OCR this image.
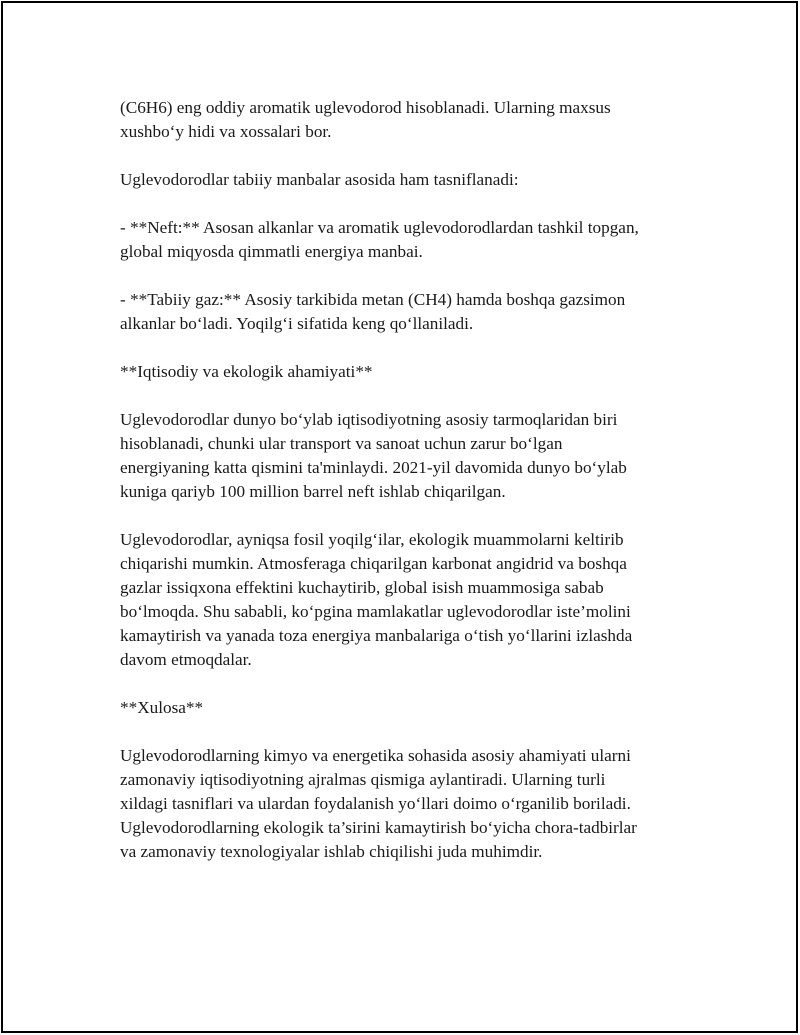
(C6H6) eng oddiy aromatik uglevodorod hisoblanadi. Ularning maxsus
xushbo‘y hidi va xossalari bor.

Uglevodorodlar tabiiy manbalar asosida ham tasniflanadi:

- **Neft:** Asosan alkanlar va aromatik uglevodorodlardan tashkil topgan,
global miqyosda qimmatli energiya manbai.

- **Tabiiy gaz:** Asosiy tarkibida metan (CH4) hamda boshqa gazsimon
alkanlar bo‘ladi. Yoqilg‘i sifatida keng qo‘llaniladi.

**Iqtisodiy va ekologik ahamiyati**

Uglevodorodlar dunyo bo‘ylab iqtisodiyotning asosiy tarmoqlaridan biri
hisoblanadi, chunki ular transport va sanoat uchun zarur bo‘lgan
energiyaning katta qismini ta'minlaydi. 2021-yil davomida dunyo bo‘ylab
kuniga qariyb 100 million barrel neft ishlab chiqarilgan.

Uglevodorodlar, ayniqsa fosil yoqilg‘ilar, ekologik muammolarni keltirib
chiqarishi mumkin. Atmosferaga chiqarilgan karbonat angidrid va boshqa
gazlar issiqxona effektini kuchaytirib, global isish muammosiga sabab
bo‘lmoqda. Shu sababli, ko‘pgina mamlakatlar uglevodorodlar iste’molini
kamaytirish va yanada toza energiya manbalariga o‘tish yo‘llarini izlashda
davom etmoqdalar.

**Xulosa**

Uglevodorodlarning kimyo va energetika sohasida asosiy ahamiyati ularni
zamonaviy iqtisodiyotning ajralmas qismiga aylantiradi. Ularning turli
xildagi tasniflari va ulardan foydalanish yo‘llari doimo o‘rganilib boriladi.
Uglevodorodlarning ekologik ta’sirini kamaytirish bo‘yicha chora-tadbirlar
va zamonaviy texnologiyalar ishlab chiqilishi juda muhimdir.
